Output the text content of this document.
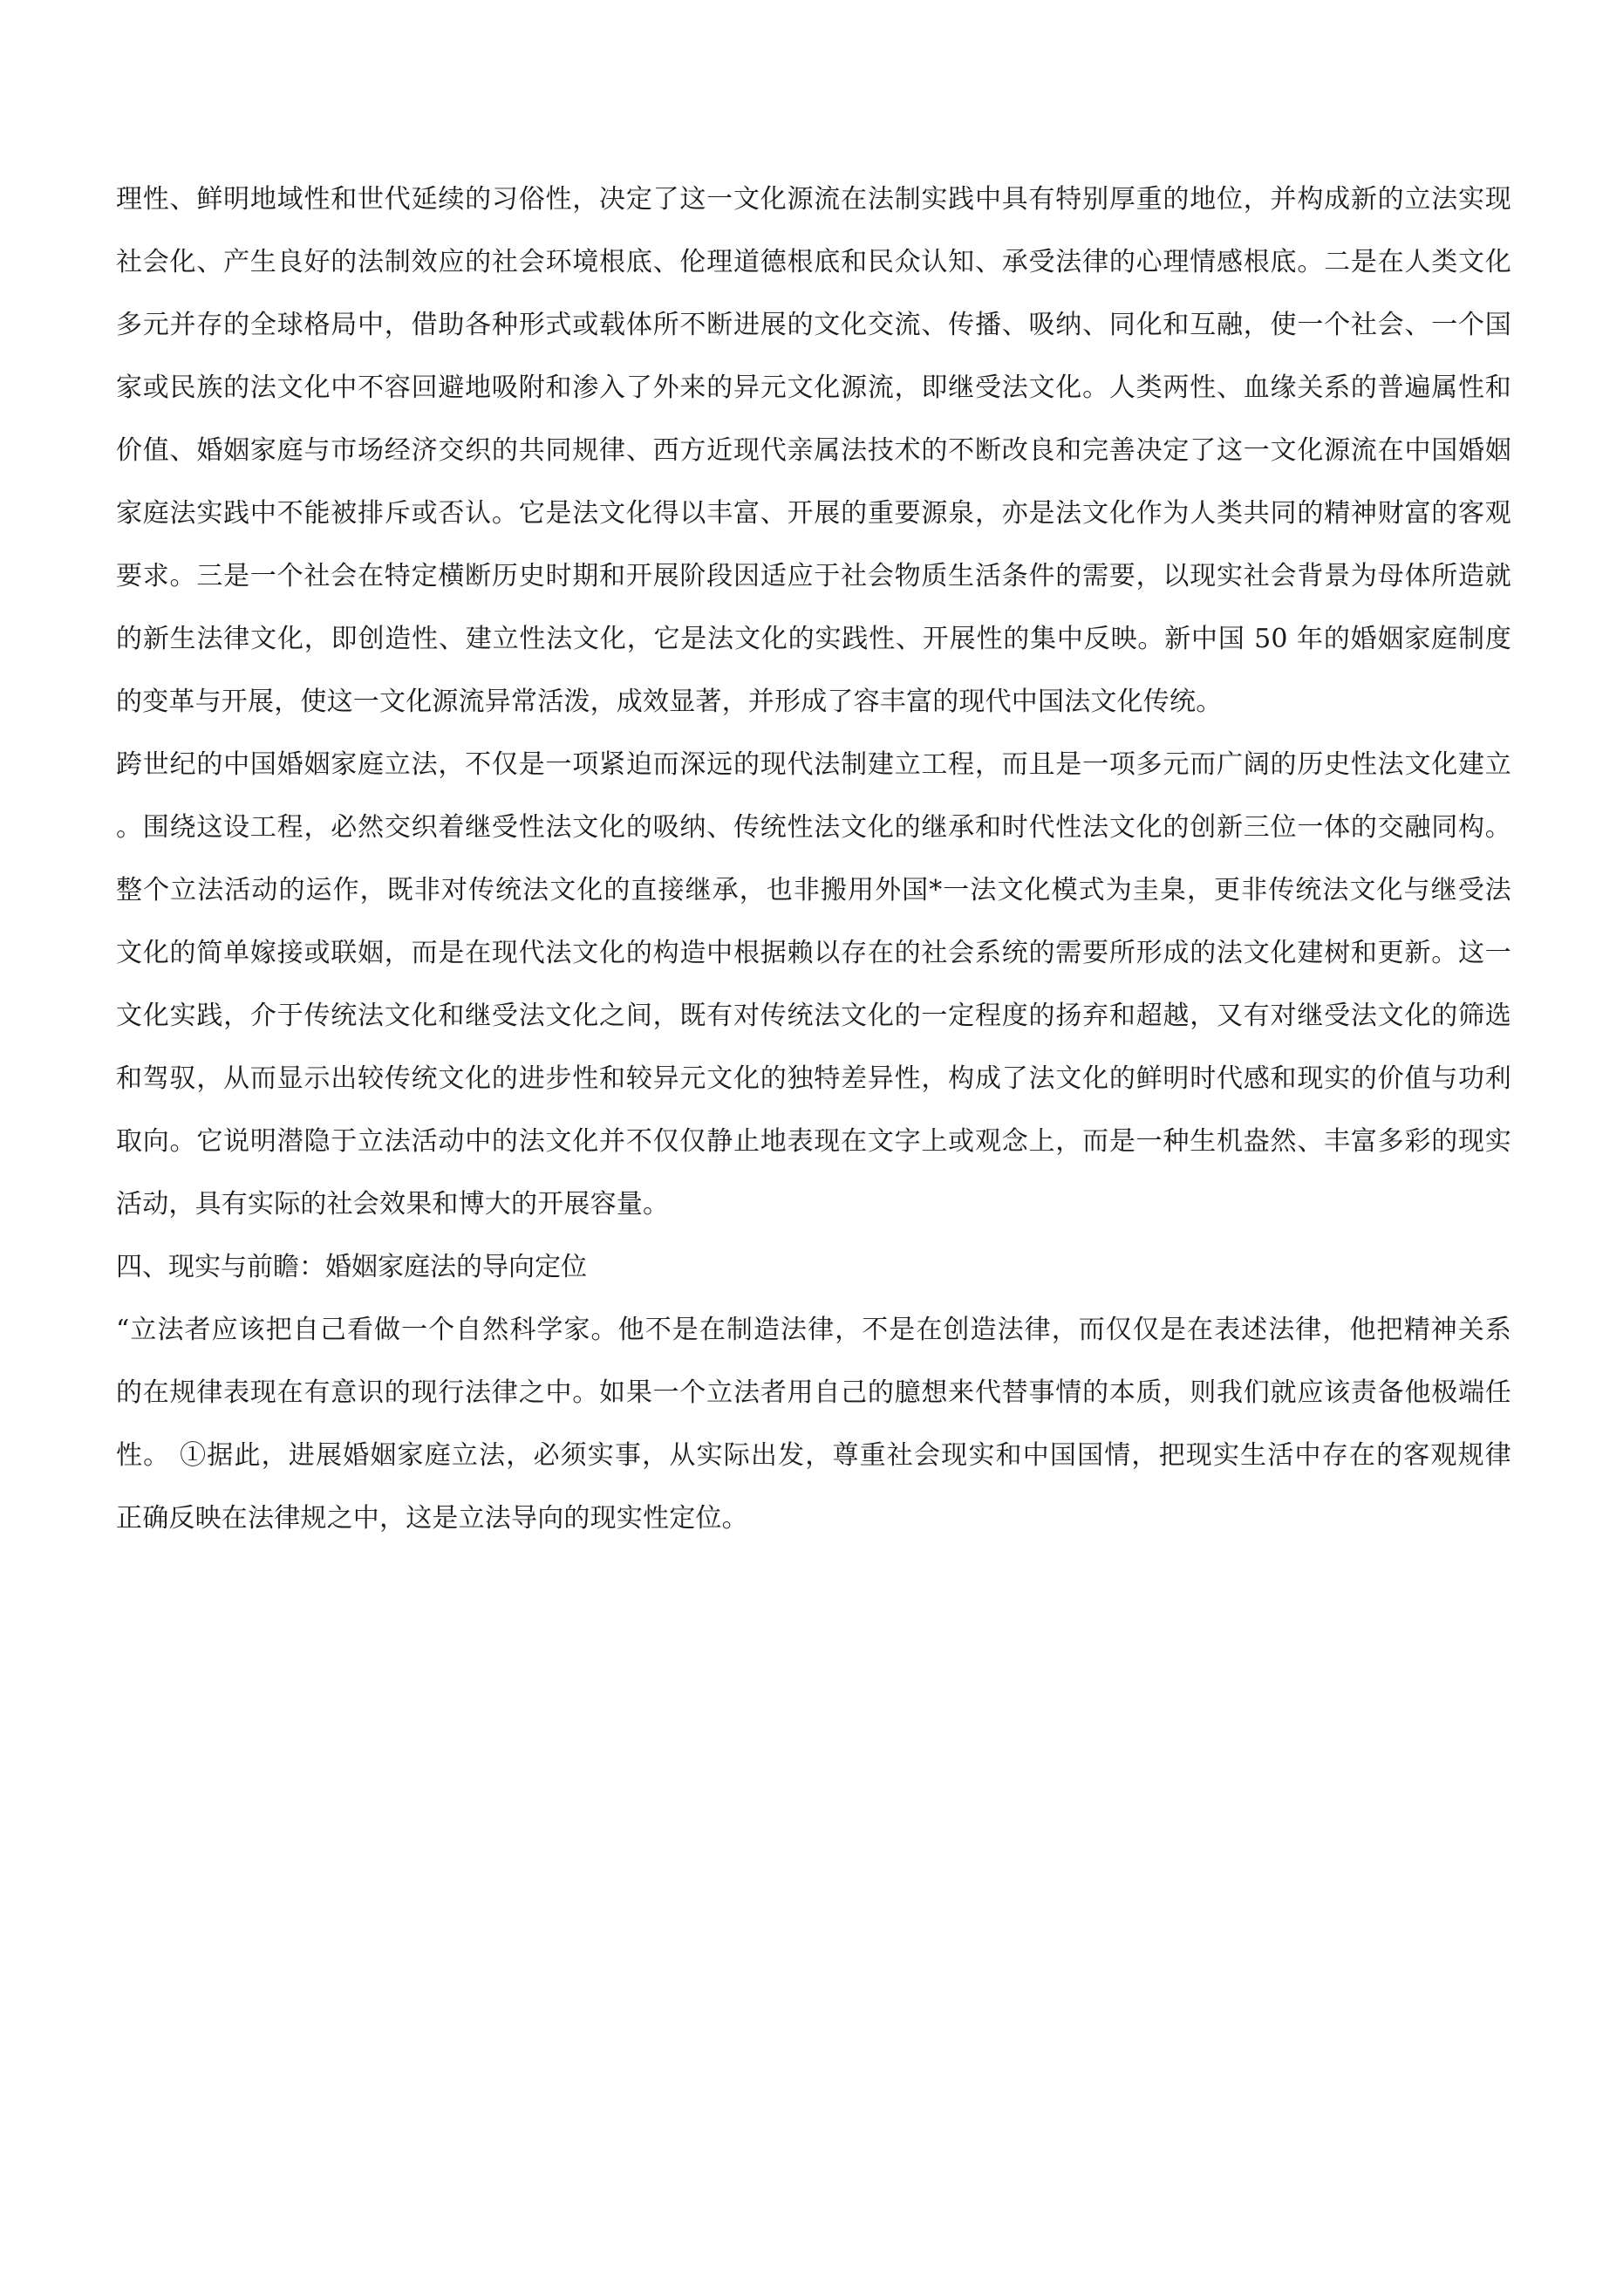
理性、鲜明地域性和世代延续的习俗性，决定了这一文化源流在法制实践中具有特别厚重的地位，并构成新的立法实现
社会化、产生良好的法制效应的社会环境根底、伦理道德根底和民众认知、承受法律的心理情感根底。二是在人类文化
多元并存的全球格局中，借助各种形式或载体所不断进展的文化交流、传播、吸纳、同化和互融，使一个社会、一个国
家或民族的法文化中不容回避地吸附和渗入了外来的异元文化源流，即继受法文化。人类两性、血缘关系的普遍属性和
价值、婚姻家庭与市场经济交织的共同规律、西方近现代亲属法技术的不断改良和完善决定了这一文化源流在中国婚姻
家庭法实践中不能被排斥或否认。它是法文化得以丰富、开展的重要源泉，亦是法文化作为人类共同的精神财富的客观
要求。三是一个社会在特定横断历史时期和开展阶段因适应于社会物质生活条件的需要，以现实社会背景为母体所造就
的新生法律文化，即创造性、建立性法文化，它是法文化的实践性、开展性的集中反映。新中国 50 年的婚姻家庭制度
的变革与开展，使这一文化源流异常活泼，成效显著，并形成了容丰富的现代中国法文化传统。
跨世纪的中国婚姻家庭立法，不仅是一项紧迫而深远的现代法制建立工程，而且是一项多元而广阔的历史性法文化建立
。围绕这设工程，必然交织着继受性法文化的吸纳、传统性法文化的继承和时代性法文化的创新三位一体的交融同构。
整个立法活动的运作，既非对传统法文化的直接继承，也非搬用外国*一法文化模式为圭臬，更非传统法文化与继受法
文化的简单嫁接或联姻，而是在现代法文化的构造中根据赖以存在的社会系统的需要所形成的法文化建树和更新。这一
文化实践，介于传统法文化和继受法文化之间，既有对传统法文化的一定程度的扬弃和超越，又有对继受法文化的筛选
和驾驭，从而显示出较传统文化的进步性和较异元文化的独特差异性，构成了法文化的鲜明时代感和现实的价值与功利
取向。它说明潜隐于立法活动中的法文化并不仅仅静止地表现在文字上或观念上，而是一种生机盎然、丰富多彩的现实
活动，具有实际的社会效果和博大的开展容量。
四、现实与前瞻：婚姻家庭法的导向定位
“立法者应该把自己看做一个自然科学家。他不是在制造法律，不是在创造法律，而仅仅是在表述法律，他把精神关系
的在规律表现在有意识的现行法律之中。如果一个立法者用自己的臆想来代替事情的本质，则我们就应该责备他极端任
性。 ①据此，进展婚姻家庭立法，必须实事，从实际出发，尊重社会现实和中国国情，把现实生活中存在的客观规律
正确反映在法律规之中，这是立法导向的现实性定位。
